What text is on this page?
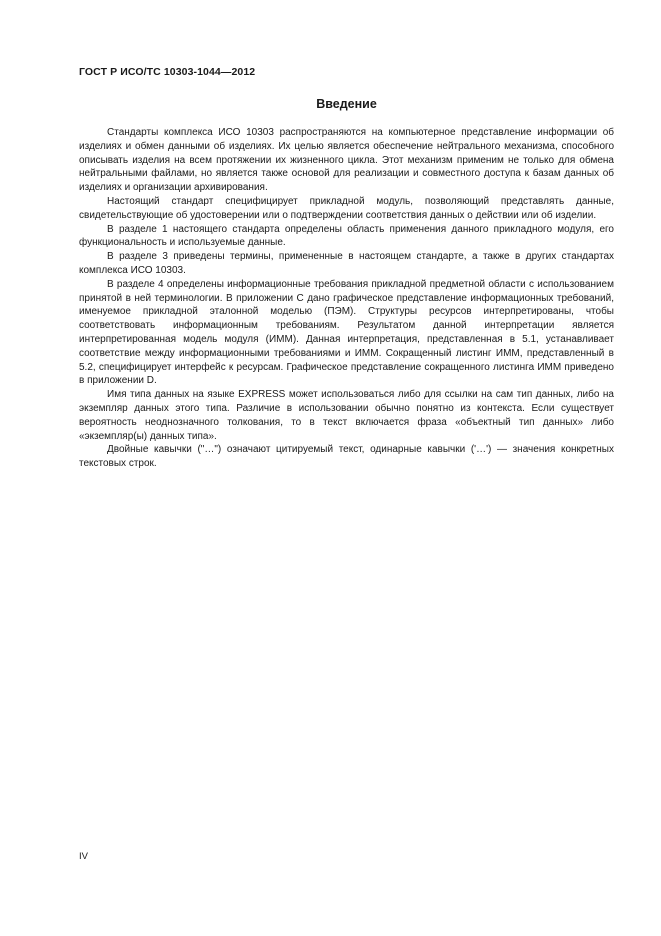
ГОСТ Р ИСО/ТС 10303-1044—2012
Введение

Стандарты комплекса ИСО 10303 распространяются на компьютерное представление информации об изделиях и обмен данными об изделиях. Их целью является обеспечение нейтрального механизма, способного описывать изделия на всем протяжении их жизненного цикла. Этот механизм применим не только для обмена нейтральными файлами, но является также основой для реализации и совместного доступа к базам данных об изделиях и организации архивирования.

Настоящий стандарт специфицирует прикладной модуль, позволяющий представлять данные, свидетельствующие об удостоверении или о подтверждении соответствия данных о действии или об изделии.

В разделе 1 настоящего стандарта определены область применения данного прикладного модуля, его функциональность и используемые данные.

В разделе 3 приведены термины, примененные в настоящем стандарте, а также в других стандартах комплекса ИСО 10303.

В разделе 4 определены информационные требования прикладной предметной области с использованием принятой в ней терминологии. В приложении С дано графическое представление информационных требований, именуемое прикладной эталонной моделью (ПЭМ). Структуры ресурсов интерпретированы, чтобы соответствовать информационным требованиям. Результатом данной интерпретации является интерпретированная модель модуля (ИММ). Данная интерпретация, представленная в 5.1, устанавливает соответствие между информационными требованиями и ИММ. Сокращенный листинг ИММ, представленный в 5.2, специфицирует интерфейс к ресурсам. Графическое представление сокращенного листинга ИММ приведено в приложении D.

Имя типа данных на языке EXPRESS может использоваться либо для ссылки на сам тип данных, либо на экземпляр данных этого типа. Различие в использовании обычно понятно из контекста. Если существует вероятность неоднозначного толкования, то в текст включается фраза «объектный тип данных» либо «экземпляр(ы) данных типа».

Двойные кавычки ("…") означают цитируемый текст, одинарные кавычки ('…') — значения конкретных текстовых строк.

IV
